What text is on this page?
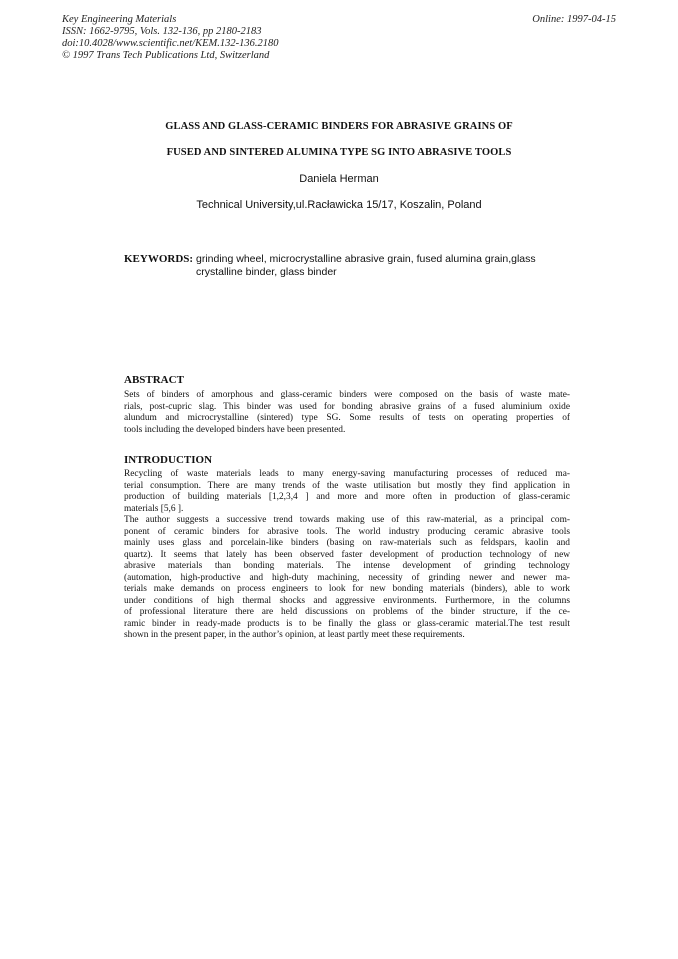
Key Engineering Materials
ISSN: 1662-9795, Vols. 132-136, pp 2180-2183
doi:10.4028/www.scientific.net/KEM.132-136.2180
© 1997 Trans Tech Publications Ltd, Switzerland
Online: 1997-04-15
GLASS AND GLASS-CERAMIC BINDERS FOR ABRASIVE GRAINS OF
FUSED AND SINTERED ALUMINA TYPE SG INTO ABRASIVE TOOLS
Daniela Herman
Technical University,ul.Racławicka 15/17, Koszalin, Poland
KEYWORDS: grinding wheel, microcrystalline abrasive grain, fused alumina grain,glass
crystalline binder, glass binder
ABSTRACT
Sets of binders of amorphous and glass-ceramic binders were composed on the basis of waste mate-
rials, post-cupric slag. This binder was used for bonding abrasive grains of a fused aluminium oxide
alundum and microcrystalline (sintered) type SG. Some results of tests on operating properties of
tools including the developed binders have been presented.
INTRODUCTION
Recycling of waste materials leads to many energy-saving manufacturing processes of reduced ma-
terial consumption. There are many trends of the waste utilisation but mostly they find application in
production of building materials [1,2,3,4 ] and more and more often in production of glass-ceramic
materials [5,6 ].
The author suggests a successive trend towards making use of this raw-material, as a principal com-
ponent of ceramic binders for abrasive tools. The world industry producing ceramic abrasive tools
mainly uses glass and porcelain-like binders (basing on raw-materials such as feldspars, kaolin and
quartz). It seems that lately has been observed faster development of production technology of new
abrasive materials than bonding materials. The intense development of grinding technology
(automation, high-productive and high-duty machining, necessity of grinding newer and newer ma-
terials make demands on process engineers to look for new bonding materials (binders), able to work
under conditions of high thermal shocks and aggressive environments. Furthermore, in the columns
of professional literature there are held discussions on problems of the binder structure, if the ce-
ramic binder in ready-made products is to be finally the glass or glass-ceramic material.The test result
shown in the present paper, in the author’s opinion, at least partly meet these requirements.
